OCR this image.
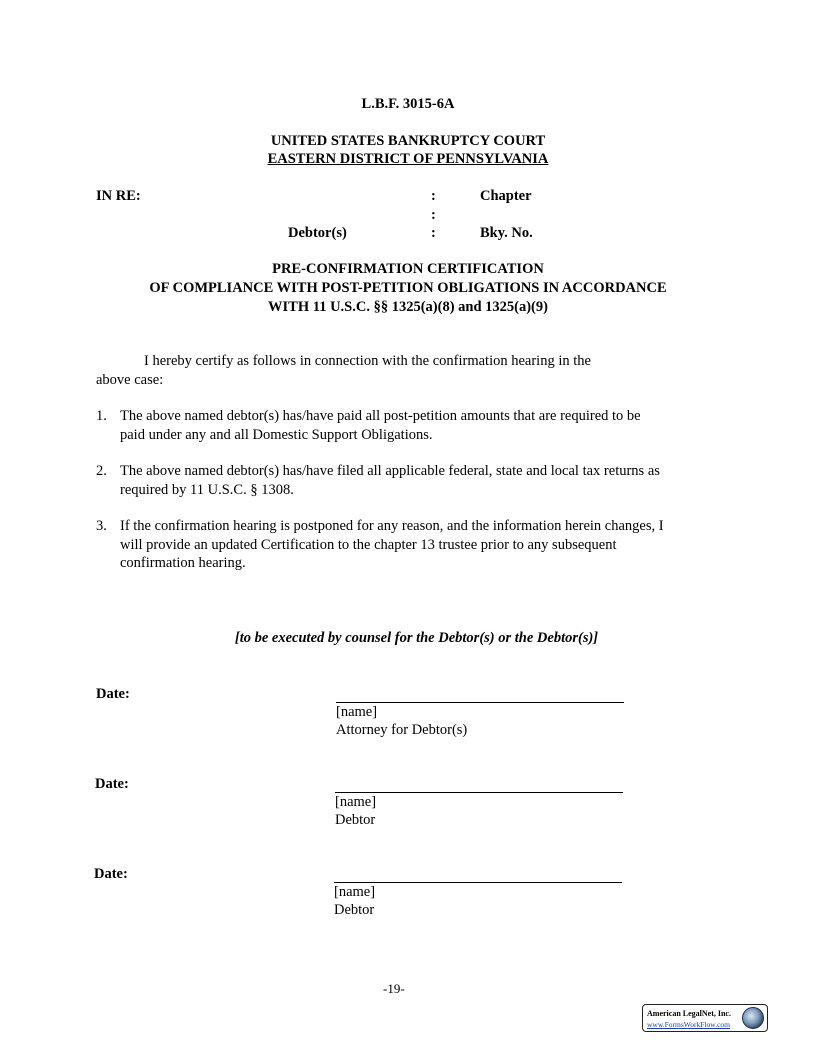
L.B.F. 3015-6A
UNITED STATES BANKRUPTCY COURT
EASTERN DISTRICT OF PENNSYLVANIA
IN RE:	:	Chapter
:
Debtor(s)	:	Bky. No.
PRE-CONFIRMATION CERTIFICATION
OF COMPLIANCE WITH POST-PETITION OBLIGATIONS IN ACCORDANCE
WITH 11 U.S.C. §§ 1325(a)(8) and 1325(a)(9)
I hereby certify as follows in connection with the confirmation hearing in the
above case:
1. The above named debtor(s) has/have paid all post-petition amounts that are required to be
paid under any and all Domestic Support Obligations.
2. The above named debtor(s) has/have filed all applicable federal, state and local tax returns as
required by 11 U.S.C. § 1308.
3. If the confirmation hearing is postponed for any reason, and the information herein changes, I
will provide an updated Certification to the chapter 13 trustee prior to any subsequent
confirmation hearing.
[to be executed by counsel for the Debtor(s) or the Debtor(s)]
Date:
[name]
Attorney for Debtor(s)
Date:
[name]
Debtor
Date:
[name]
Debtor
-19-
American LegalNet, Inc.
www.FormsWorkFlow.com
